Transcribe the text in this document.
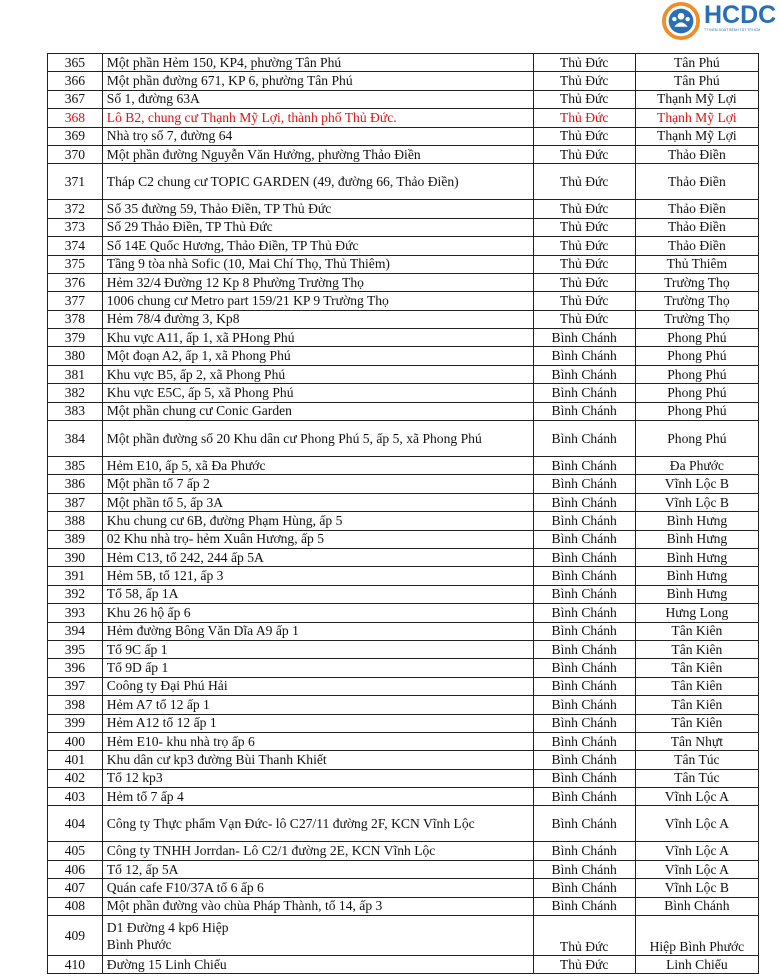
HCDC
TT KIỂM SOÁT BỆNH TẬT TP.HCM
365	Một phần Hẻm 150, KP4, phường Tân Phú	Thủ Đức	Tân Phú
366	Một phần đường 671, KP 6, phường Tân Phú	Thủ Đức	Tân Phú
367	Số 1, đường 63A	Thủ Đức	Thạnh Mỹ Lợi
368	Lô B2, chung cư Thạnh Mỹ Lợi, thành phố Thủ Đức.	Thủ Đức	Thạnh Mỹ Lợi
369	Nhà trọ số 7, đường 64	Thủ Đức	Thạnh Mỹ Lợi
370	Một phần đường Nguyễn Văn Hưởng, phường Thảo Điền	Thủ Đức	Thảo Điền
371	Tháp C2 chung cư TOPIC GARDEN (49, đường 66, Thảo Điền)	Thủ Đức	Thảo Điền
372	Số 35 đường 59, Thảo Điền, TP Thủ Đức	Thủ Đức	Thảo Điền
373	Số 29 Thảo Điền, TP Thủ Đức	Thủ Đức	Thảo Điền
374	Số 14E Quốc Hương, Thảo Điền, TP Thủ Đức	Thủ Đức	Thảo Điền
375	Tầng 9 tòa nhà Sofic (10, Mai Chí Thọ, Thủ Thiêm)	Thủ Đức	Thủ Thiêm
376	Hẻm 32/4 Đường 12 Kp 8 Phường Trường Thọ	Thủ Đức	Trường Thọ
377	1006 chung cư Metro part 159/21 KP 9 Trường Thọ	Thủ Đức	Trường Thọ
378	Hẻm 78/4 đường 3, Kp8	Thủ Đức	Trường Thọ
379	Khu vực A11, ấp 1, xã PHong Phú	Bình Chánh	Phong Phú
380	Một đoạn A2, ấp 1, xã Phong Phú	Bình Chánh	Phong Phú
381	Khu vực B5, ấp 2, xã Phong Phú	Bình Chánh	Phong Phú
382	Khu vực E5C, ấp 5, xã Phong Phú	Bình Chánh	Phong Phú
383	Một phần chung cư Conic Garden	Bình Chánh	Phong Phú
384	Một phần đường số 20 Khu dân cư Phong Phú 5, ấp 5, xã Phong Phú	Bình Chánh	Phong Phú
385	Hẻm E10, ấp 5, xã Đa Phước	Bình Chánh	Đa Phước
386	Một phần tổ 7 ấp 2	Bình Chánh	Vĩnh Lộc B
387	Một phần tổ 5, ấp 3A	Bình Chánh	Vĩnh Lộc B
388	Khu chung cư 6B, đường Phạm Hùng, ấp 5	Bình Chánh	Bình Hưng
389	02 Khu nhà trọ- hẻm Xuân Hương, ấp 5	Bình Chánh	Bình Hưng
390	Hẻm C13, tổ 242, 244 ấp 5A	Bình Chánh	Bình Hưng
391	Hẻm 5B, tổ 121, ấp 3	Bình Chánh	Bình Hưng
392	Tổ 58, ấp 1A	Bình Chánh	Bình Hưng
393	Khu 26 hộ ấp 6	Bình Chánh	Hưng Long
394	Hẻm đường Bông Văn Dĩa A9 ấp 1	Bình Chánh	Tân Kiên
395	Tổ 9C ấp 1	Bình Chánh	Tân Kiên
396	Tổ 9D ấp 1	Bình Chánh	Tân Kiên
397	Coông ty Đại Phú Hải	Bình Chánh	Tân Kiên
398	Hẻm A7 tổ 12 ấp 1	Bình Chánh	Tân Kiên
399	Hẻm A12 tổ 12 ấp 1	Bình Chánh	Tân Kiên
400	Hẻm E10- khu nhà trọ ấp 6	Bình Chánh	Tân Nhựt
401	Khu dân cư kp3 đường Bùi Thanh Khiết	Bình Chánh	Tân Túc
402	Tổ 12 kp3	Bình Chánh	Tân Túc
403	Hẻm tổ 7 ấp 4	Bình Chánh	Vĩnh Lộc A
404	Công ty Thực phẩm Vạn Đức- lô C27/11 đường 2F, KCN Vĩnh Lộc	Bình Chánh	Vĩnh Lộc A
405	Công ty TNHH Jorrdan- Lô C2/1 đường 2E, KCN Vĩnh Lộc	Bình Chánh	Vĩnh Lộc A
406	Tổ 12, ấp 5A	Bình Chánh	Vĩnh Lộc A
407	Quán cafe F10/37A tổ 6 ấp 6	Bình Chánh	Vĩnh Lộc B
408	Một phần đường vào chùa Pháp Thành, tổ 14, ấp 3	Bình Chánh	Bình Chánh
409	D1 Đường 4 kp6 Hiệp
Bình Phước	Thủ Đức	Hiệp Bình Phước
410	Đường 15 Linh Chiểu	Thủ Đức	Linh Chiểu
